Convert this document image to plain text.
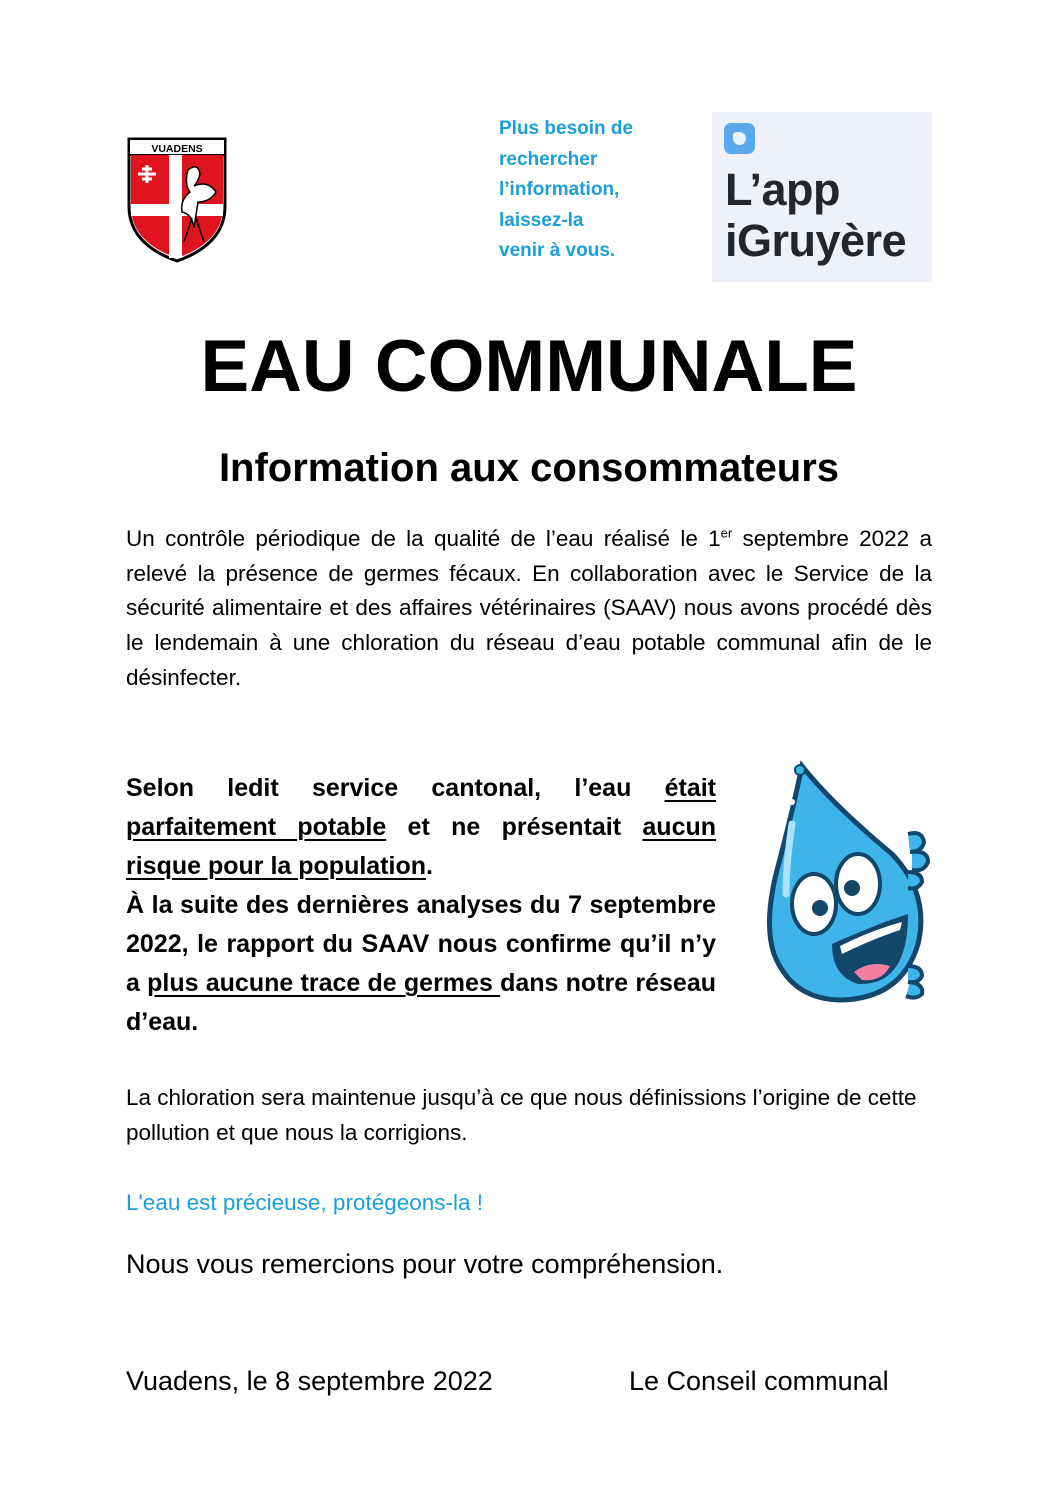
VUADENS
Plus besoin de
rechercher
l’information,
laissez-la
venir à vous.
L’app
iGruyère
EAU COMMUNALE
Information aux consommateurs
Un contrôle périodique de la qualité de l’eau réalisé le 1er septembre 2022 a relevé la présence de germes fécaux. En collaboration avec le Service de la sécurité alimentaire et des affaires vétérinaires (SAAV) nous avons procédé dès le lendemain à une chloration du réseau d’eau potable communal afin de le désinfecter.
Selon ledit service cantonal, l’eau était parfaitement potable et ne présentait aucun risque pour la population.
À la suite des dernières analyses du 7 septembre 2022, le rapport du SAAV nous confirme qu’il n’y a plus aucune trace de germes dans notre réseau d’eau.
La chloration sera maintenue jusqu’à ce que nous définissions l’origine de cette pollution et que nous la corrigions.
L'eau est précieuse, protégeons-la !
Nous vous remercions pour votre compréhension.
Vuadens, le 8 septembre 2022	Le Conseil communal
